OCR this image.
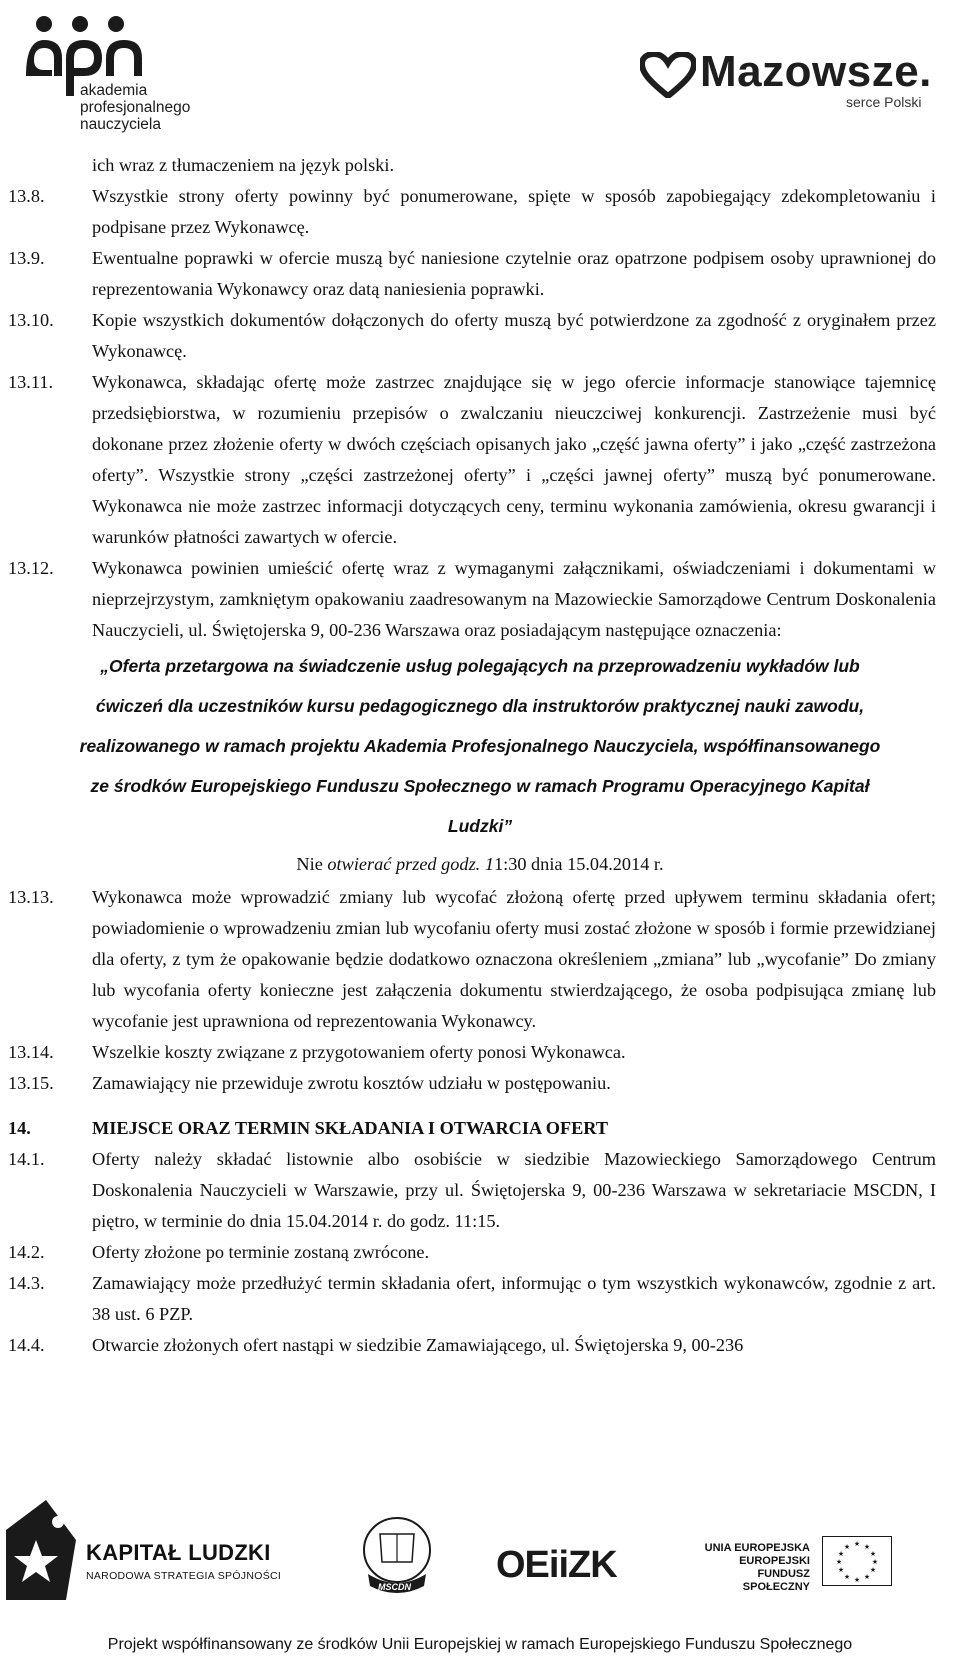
akademia
profesjonalnego
nauczyciela
Mazowsze.
serce Polski
ich wraz z tłumaczeniem na język polski.
13.8.	Wszystkie strony oferty powinny być ponumerowane, spięte w sposób zapobiegający zdekompletowaniu i podpisane przez Wykonawcę.
13.9.	Ewentualne poprawki w ofercie muszą być naniesione czytelnie oraz opatrzone podpisem osoby uprawnionej do reprezentowania Wykonawcy oraz datą naniesienia poprawki.
13.10. Kopie wszystkich dokumentów dołączonych do oferty muszą być potwierdzone za zgodność z oryginałem przez Wykonawcę.
13.11. Wykonawca, składając ofertę może zastrzec znajdujące się w jego ofercie informacje stanowiące tajemnicę przedsiębiorstwa, w rozumieniu przepisów o zwalczaniu nieuczciwej konkurencji. Zastrzeżenie musi być dokonane przez złożenie oferty w dwóch częściach opisanych jako „część jawna oferty” i jako „część zastrzeżona oferty”. Wszystkie strony „części zastrzeżonej oferty” i „części jawnej oferty” muszą być ponumerowane. Wykonawca nie może zastrzec informacji dotyczących ceny, terminu wykonania zamówienia, okresu gwarancji i warunków płatności zawartych w ofercie.
13.12. Wykonawca powinien umieścić ofertę wraz z wymaganymi załącznikami, oświadczeniami i dokumentami w nieprzejrzystym, zamkniętym opakowaniu zaadresowanym na Mazowieckie Samorządowe Centrum Doskonalenia Nauczycieli, ul. Świętojerska 9, 00-236 Warszawa oraz posiadającym następujące oznaczenia:
„Oferta przetargowa na świadczenie usług polegających na przeprowadzeniu wykładów lub
ćwiczeń dla uczestników kursu pedagogicznego dla instruktorów praktycznej nauki zawodu,
realizowanego w ramach projektu Akademia Profesjonalnego Nauczyciela, współfinansowanego
ze środków Europejskiego Funduszu Społecznego w ramach Programu Operacyjnego Kapitał
Ludzki”
Nie otwierać przed godz. 11:30 dnia 15.04.2014 r.
13.13. Wykonawca może wprowadzić zmiany lub wycofać złożoną ofertę przed upływem terminu składania ofert; powiadomienie o wprowadzeniu zmian lub wycofaniu oferty musi zostać złożone w sposób i formie przewidzianej dla oferty, z tym że opakowanie będzie dodatkowo oznaczona określeniem „zmiana” lub „wycofanie” Do zmiany lub wycofania oferty konieczne jest załączenia dokumentu stwierdzającego, że osoba podpisująca zmianę lub wycofanie jest uprawniona od reprezentowania Wykonawcy.
13.14. Wszelkie koszty związane z przygotowaniem oferty ponosi Wykonawca.
13.15. Zamawiający nie przewiduje zwrotu kosztów udziału w postępowaniu.
14.	MIEJSCE ORAZ TERMIN SKŁADANIA I OTWARCIA OFERT
14.1.	Oferty należy składać listownie albo osobiście w siedzibie Mazowieckiego Samorządowego Centrum Doskonalenia Nauczycieli w Warszawie, przy ul. Świętojerska 9, 00-236 Warszawa w sekretariacie MSCDN, I piętro, w terminie do dnia 15.04.2014 r. do godz. 11:15.
14.2.	Oferty złożone po terminie zostaną zwrócone.
14.3.	Zamawiający może przedłużyć termin składania ofert, informując o tym wszystkich wykonawców, zgodnie z art. 38 ust. 6 PZP.
14.4.	Otwarcie złożonych ofert nastąpi w siedzibie Zamawiającego, ul. Świętojerska 9, 00-236
KAPITAŁ LUDZKI
NARODOWA STRATEGIA SPÓJNOŚCI
MSCDN
OEiiZK	UNIA EUROPEJSKA
EUROPEJSKI
FUNDUSZ SPOŁECZNY
★ ★
★
★
★
★
★
★
★
★
★
★
Projekt współfinansowany ze środków Unii Europejskiej w ramach Europejskiego Funduszu Społecznego
